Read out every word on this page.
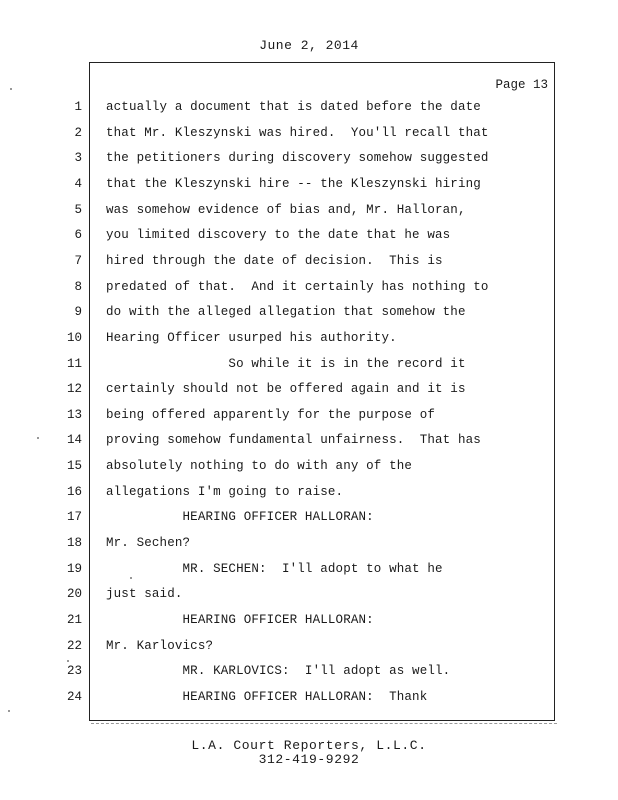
June 2, 2014
Page 13
1 actually a document that is dated before the date
2 that Mr. Kleszynski was hired.  You'll recall that
3 the petitioners during discovery somehow suggested
4 that the Kleszynski hire -- the Kleszynski hiring
5 was somehow evidence of bias and, Mr. Halloran,
6 you limited discovery to the date that he was
7 hired through the date of decision.  This is
8 predated of that.  And it certainly has nothing to
9 do with the alleged allegation that somehow the
10 Hearing Officer usurped his authority.
11 So while it is in the record it
12 certainly should not be offered again and it is
13 being offered apparently for the purpose of
14 proving somehow fundamental unfairness.  That has
15 absolutely nothing to do with any of the
16 allegations I'm going to raise.
17 HEARING OFFICER HALLORAN:
18 Mr. Sechen?
19 MR. SECHEN:  I'll adopt to what he
20 just said.
21 HEARING OFFICER HALLORAN:
22 Mr. Karlovics?
23 MR. KARLOVICS:  I'll adopt as well.
24 HEARING OFFICER HALLORAN:  Thank
L.A. Court Reporters, L.L.C.
312-419-9292
